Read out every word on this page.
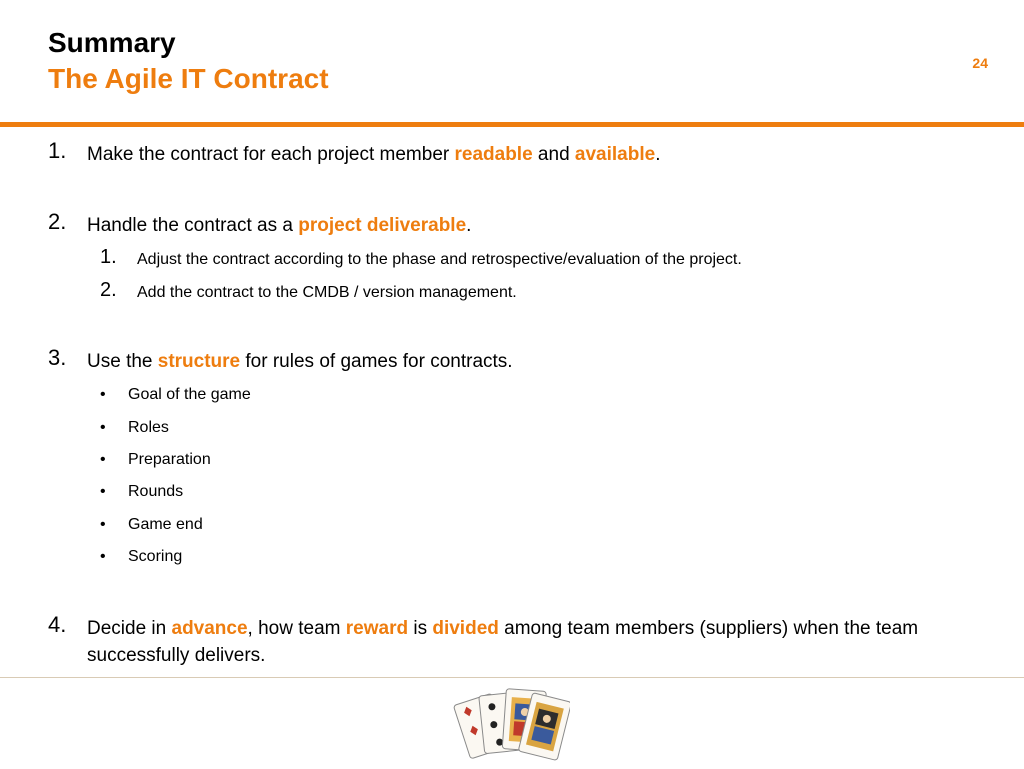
Summary
The Agile IT Contract	24
1. Make the contract for each project member readable and available.
2. Handle the contract as a project deliverable.
1. Adjust the contract according to the phase and retrospective/evaluation of the project.
2. Add the contract to the CMDB / version management.
3. Use the structure for rules of games for contracts.
• Goal of the game
• Roles
• Preparation
• Rounds
• Game end
• Scoring
4. Decide in advance, how team reward is divided among team members (suppliers) when the team successfully delivers.
